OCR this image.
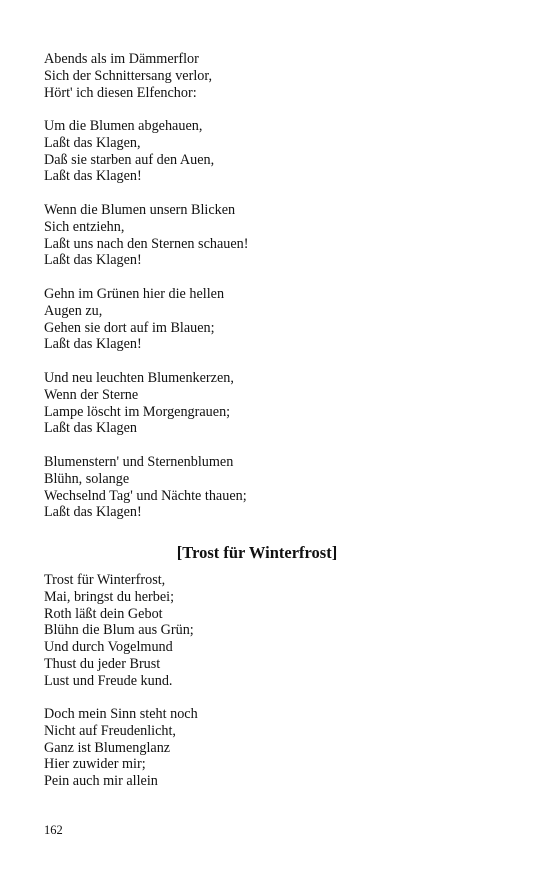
Abends als im Dämmerflor

Sich der Schnittersang verlor,

Hört' ich diesen Elfenchor:

Um die Blumen abgehauen,

Laßt das Klagen,

Daß sie starben auf den Auen,

Laßt das Klagen!

Wenn die Blumen unsern Blicken

Sich entziehn,

Laßt uns nach den Sternen schauen!

Laßt das Klagen!

Gehn im Grünen hier die hellen

Augen zu,

Gehen sie dort auf im Blauen;

Laßt das Klagen!

Und neu leuchten Blumenkerzen,

Wenn der Sterne

Lampe löscht im Morgengrauen;

Laßt das Klagen

Blumenstern' und Sternenblumen

Blühn, solange

Wechselnd Tag' und Nächte thauen;

Laßt das Klagen!

[Trost für Winterfrost]

Trost für Winterfrost,

Mai, bringst du herbei;

Roth läßt dein Gebot

Blühn die Blum aus Grün;

Und durch Vogelmund

Thust du jeder Brust

Lust und Freude kund.

Doch mein Sinn steht noch

Nicht auf Freudenlicht,

Ganz ist Blumenglanz

Hier zuwider mir;

Pein auch mir allein

162
